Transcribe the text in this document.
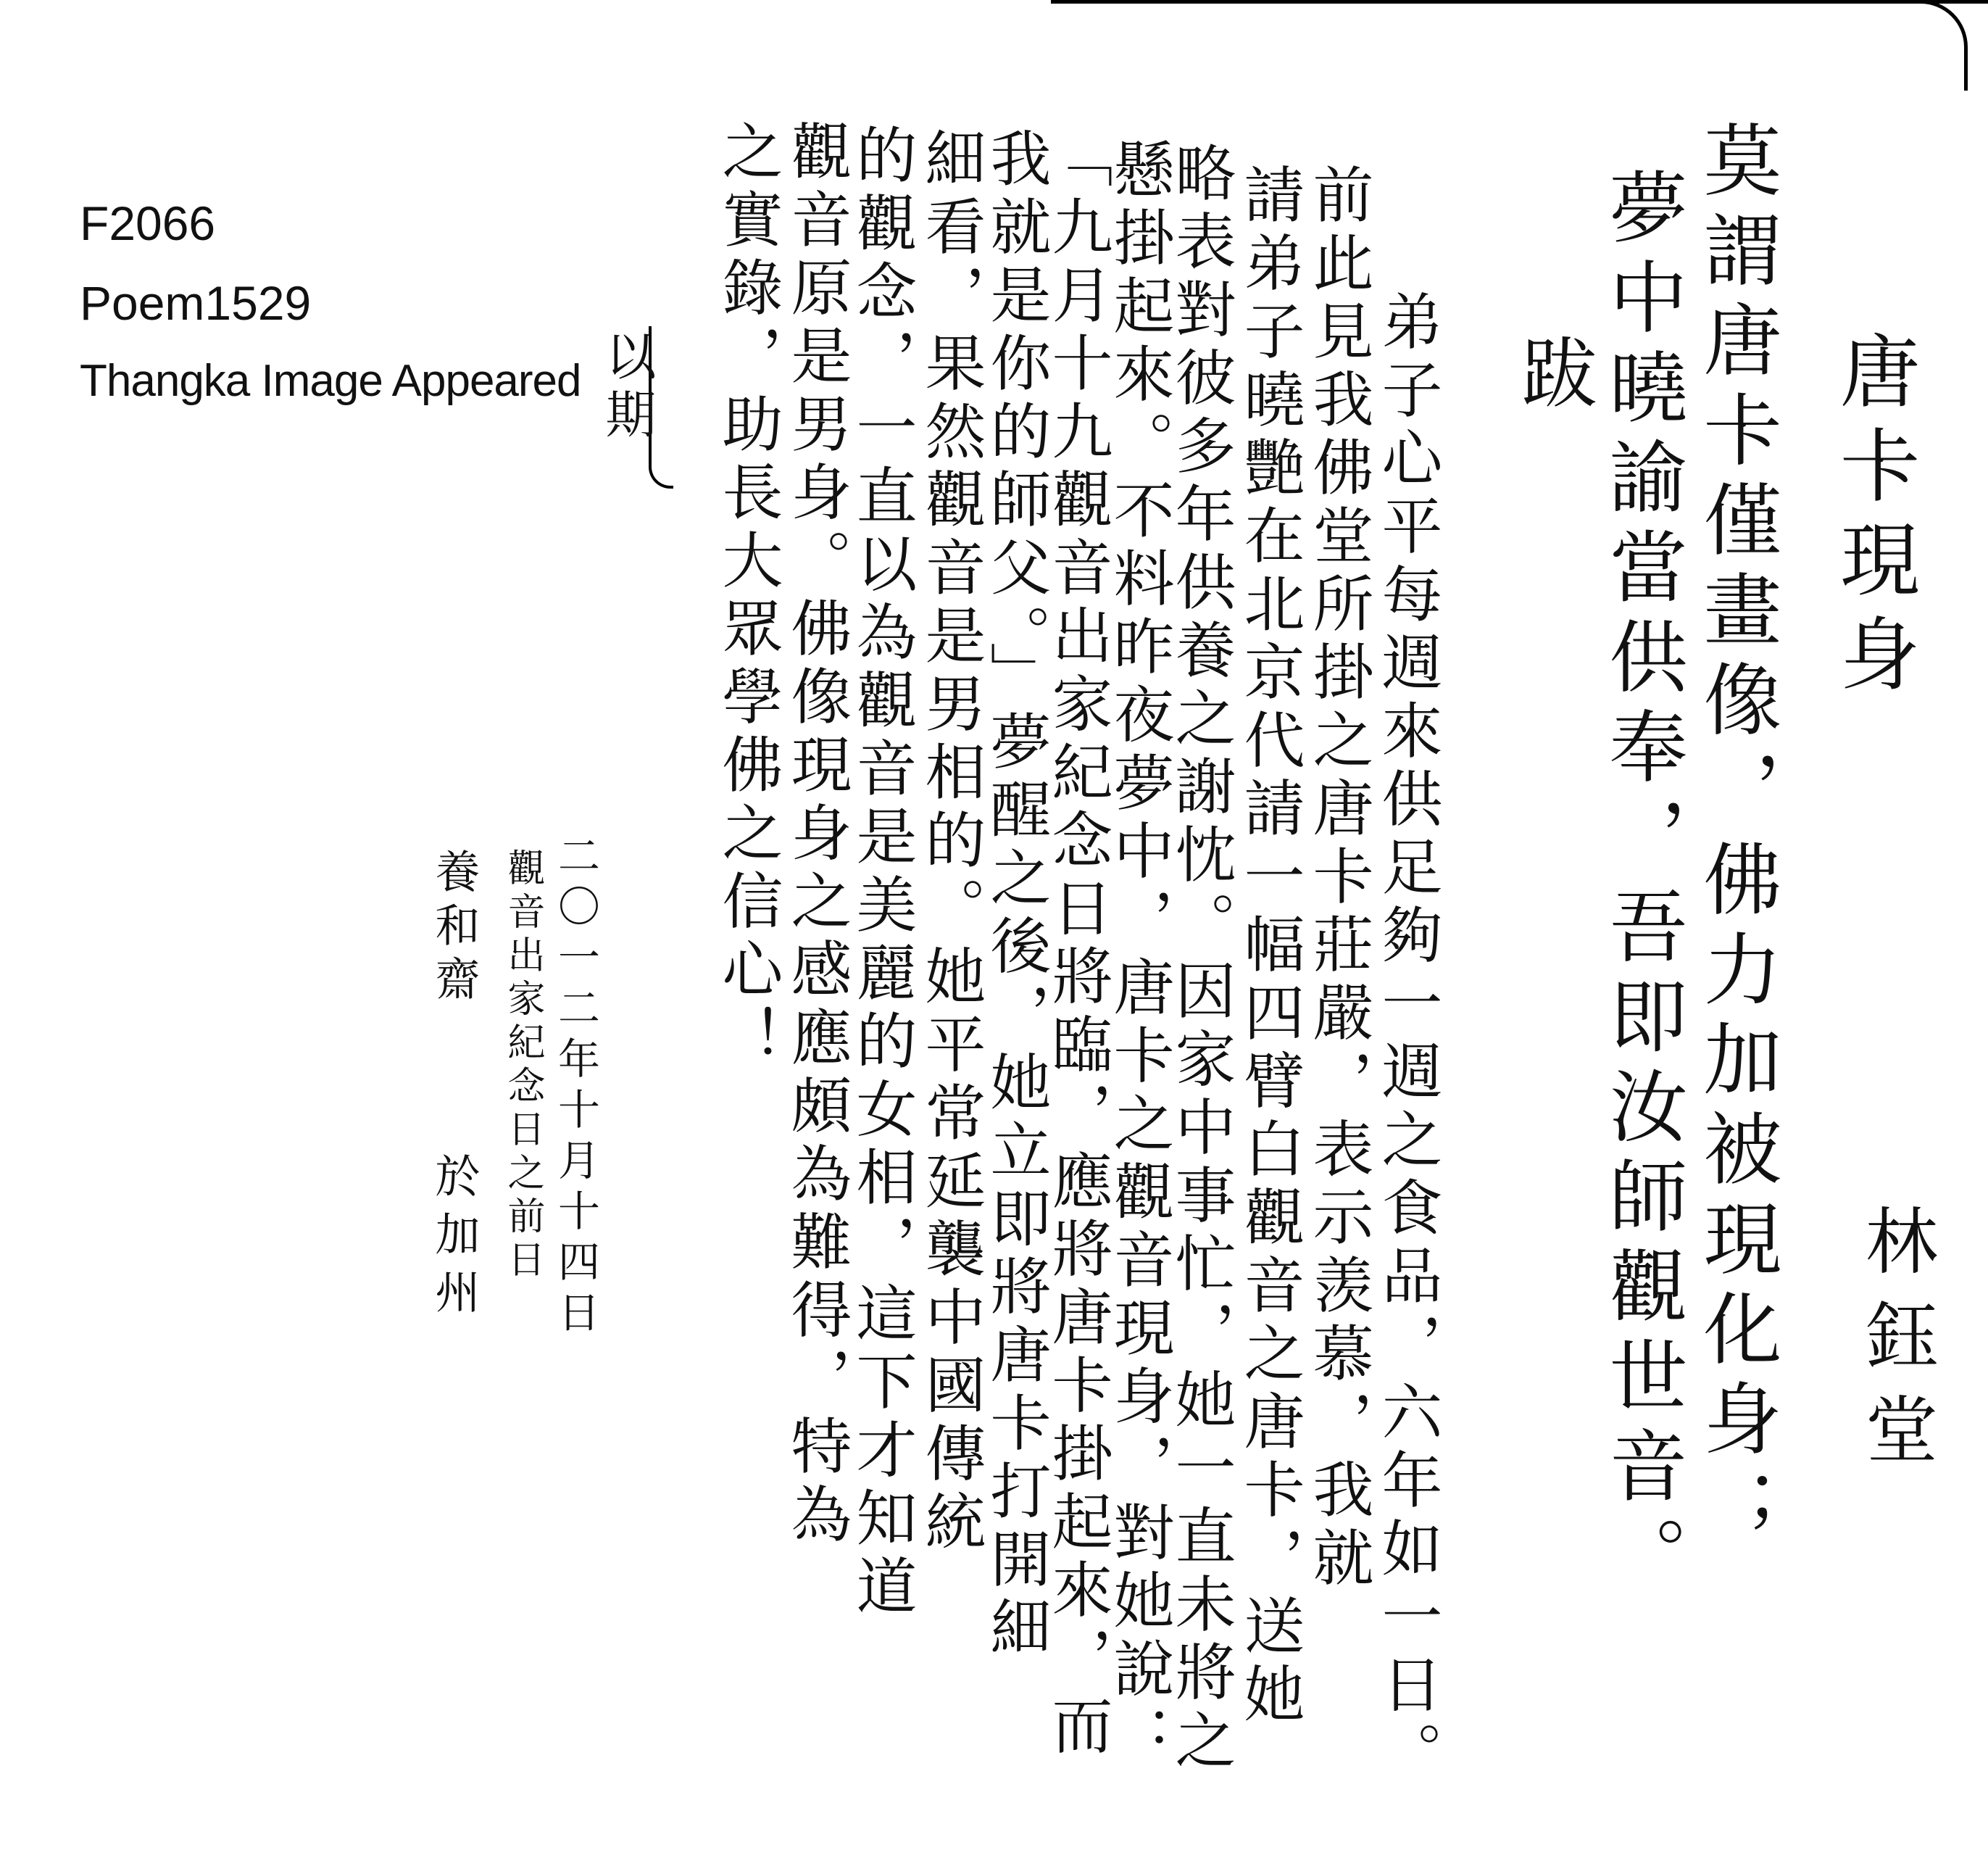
F2066
Poem1529
Thangka Image Appeared	唐卡現身
林鈺堂
莫謂唐卡僅畫像，佛力加被現化身；
夢中曉諭當供奉，吾即汝師觀世音。
跋
弟子心平每週來供足夠一週之食品，六年如一日。
前此見我佛堂所掛之唐卡莊嚴，表示羡慕，我就
請弟子曉艷在北京代請一幅四臂白觀音之唐卡，送她
略表對彼多年供養之謝忱。因家中事忙，她一直未將之
懸掛起來。不料昨夜夢中，唐卡之觀音現身，對她說：
「九月十九觀音出家紀念日將臨，應將唐卡掛起來，而
我就是你的師父。」夢醒之後，她立即將唐卡打開細
細看，果然觀音是男相的。她平常延襲中國傳統
的觀念，一直以為觀音是美麗的女相，這下才知道
觀音原是男身。佛像現身之感應頗為難得，特為
之實錄，助長大眾學佛之信心！
以期
二〇一二年十月十四日
觀音出家紀念日之前日
養和齋
於加州
